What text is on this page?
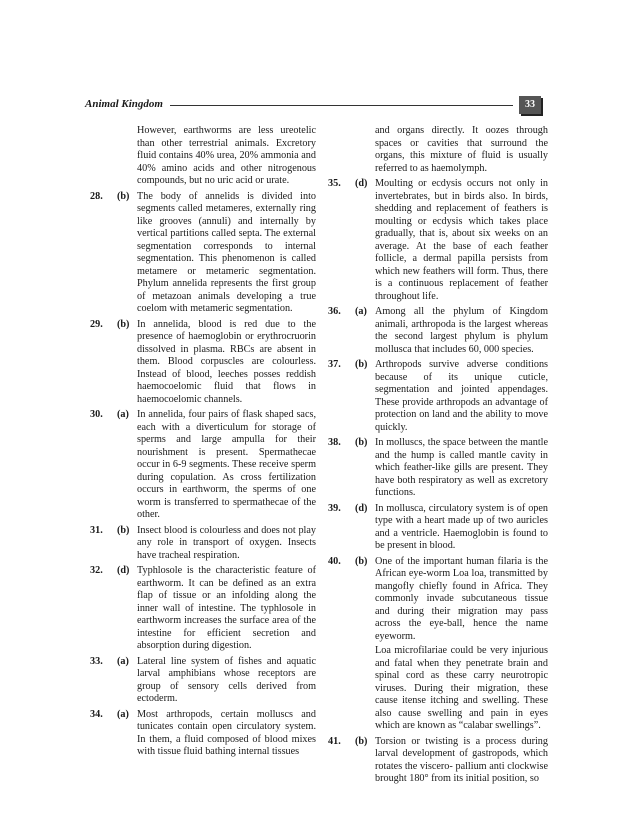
Animal Kingdom	33
However, earthworms are less ureotelic than other terrestrial animals. Excretory fluid contains 40% urea, 20% ammonia and 40% amino acids and other nitrogenous compounds, but no uric acid or urate.
28. (b) The body of annelids is divided into segments called metameres, externally ring like grooves (annuli) and internally by vertical partitions called septa. The external segmentation corresponds to internal segmentation. This phenomenon is called metamere or metameric segmentation. Phylum annelida represents the first group of metazoan animals developing a true coelom with metameric segmentation.
29. (b) In annelida, blood is red due to the presence of haemoglobin or erythrocruorin dissolved in plasma. RBCs are absent in them. Blood corpuscles are colourless. Instead of blood, leeches posses reddish haemocoelomic fluid that flows in haemocoelomic channels.
30. (a) In annelida, four pairs of flask shaped sacs, each with a diverticulum for storage of sperms and large ampulla for their nourishment is present. Spermathecae occur in 6-9 segments. These receive sperm during copulation. As cross fertilization occurs in earthworm, the sperms of one worm is transferred to spermathecae of the other.
31. (b) Insect blood is colourless and does not play any role in transport of oxygen. Insects have tracheal respiration.
32. (d) Typhlosole is the characteristic feature of earthworm. It can be defined as an extra flap of tissue or an infolding along the inner wall of intestine. The typhlosole in earthworm increases the surface area of the intestine for efficient secretion and absorption during digestion.
33. (a) Lateral line system of fishes and aquatic larval amphibians whose receptors are group of sensory cells derived from ectoderm.
34. (a) Most arthropods, certain molluscs and tunicates contain open circulatory system. In them, a fluid composed of blood mixes with tissue fluid bathing internal tissues
and organs directly. It oozes through spaces or cavities that surround the organs, this mixture of fluid is usually referred to as haemolymph.
35. (d) Moulting or ecdysis occurs not only in invertebrates, but in birds also. In birds, shedding and replacement of feathers is moulting or ecdysis which takes place gradually, that is, about six weeks on an average. At the base of each feather follicle, a dermal papilla persists from which new feathers will form. Thus, there is a continuous replacement of feather throughout life.
36. (a) Among all the phylum of Kingdom animali, arthropoda is the largest whereas the second largest phylum is phylum mollusca that includes 60, 000 species.
37. (b) Arthropods survive adverse conditions because of its unique cuticle, segmentation and jointed appendages. These provide arthropods an advantage of protection on land and the ability to move quickly.
38. (b) In molluscs, the space between the mantle and the hump is called mantle cavity in which feather-like gills are present. They have both respiratory as well as excretory functions.
39. (d) In mollusca, circulatory system is of open type with a heart made up of two auricles and a ventricle. Haemoglobin is found to be present in blood.
40. (b) One of the important human filaria is the African eye-worm Loa loa, transmitted by mangofly chiefly found in Africa. They commonly invade subcutaneous tissue and during their migration may pass across the eye-ball, hence the name eyeworm.
Loa microfilariae could be very injurious and fatal when they penetrate brain and spinal cord as these carry neurotropic viruses. During their migration, these cause itense itching and swelling. These also cause swelling and pain in eyes which are known as “calabar swellings”.
41. (b) Torsion or twisting is a process during larval development of gastropods, which rotates the viscero- pallium anti clockwise brought 180° from its initial position, so
